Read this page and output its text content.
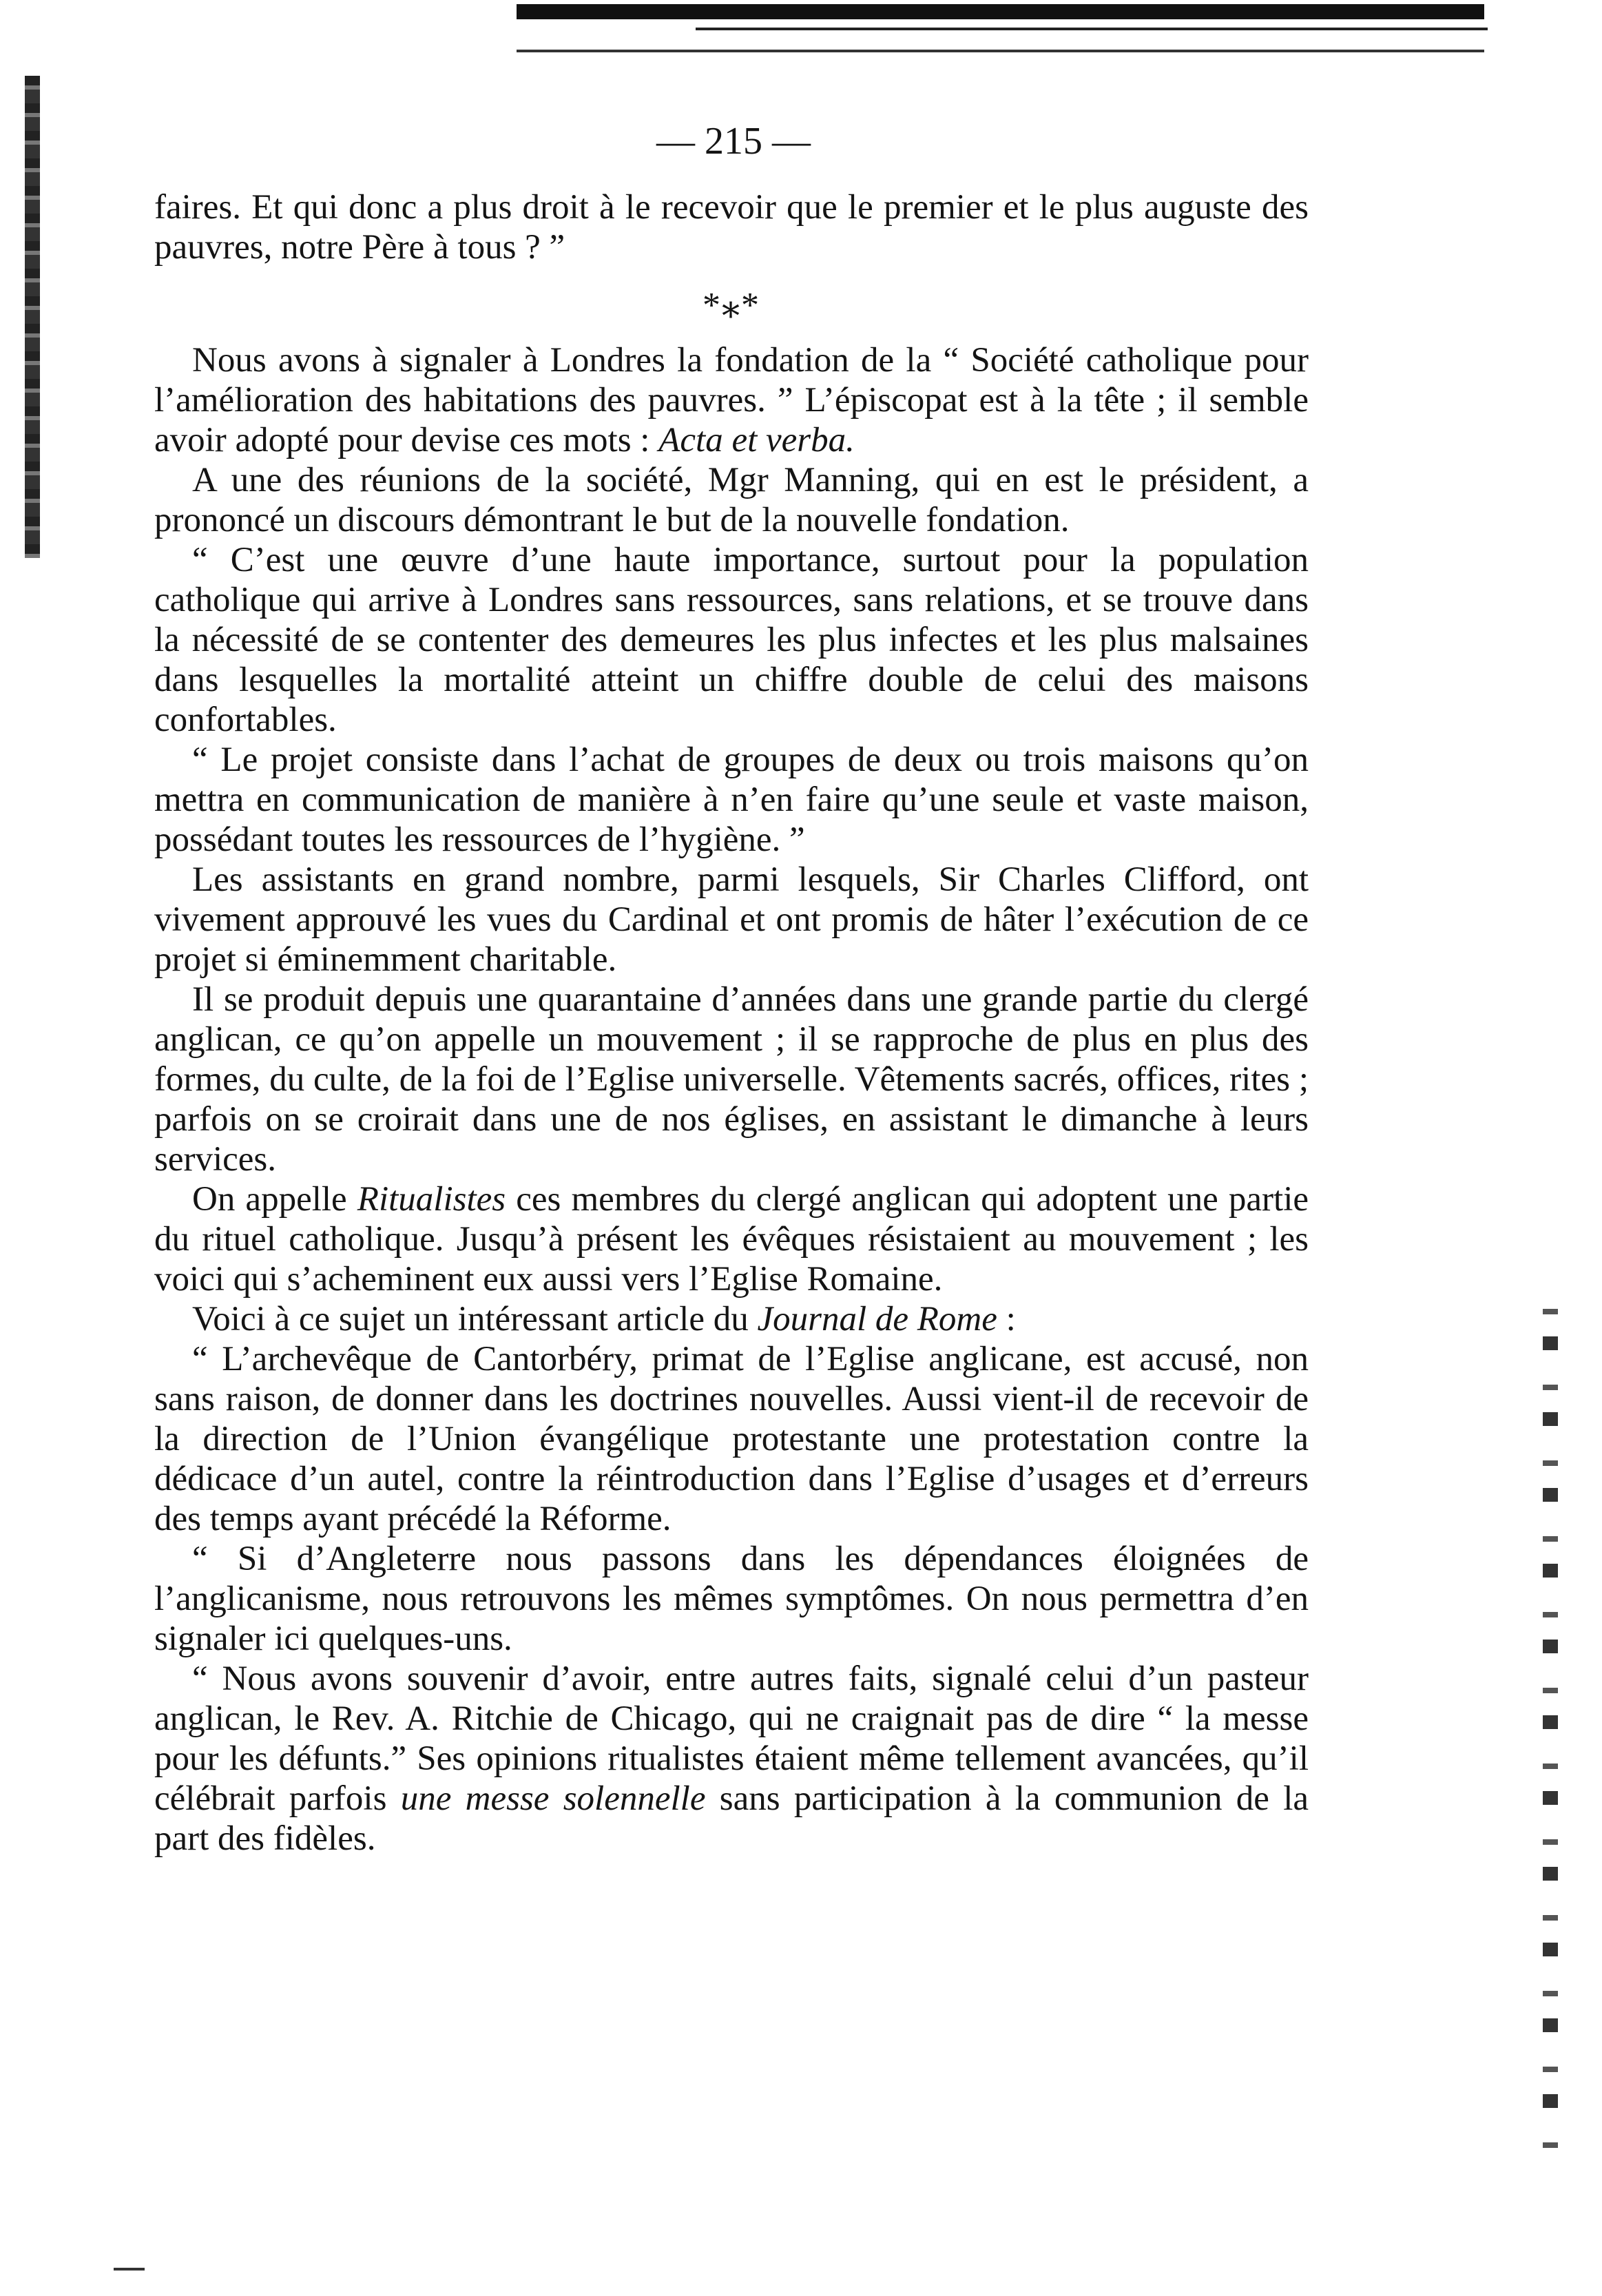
— 215 —

faires. Et qui donc a plus droit à le recevoir que le premier et le plus auguste des pauvres, notre Père à tous ? ”

*⁎*

Nous avons à signaler à Londres la fondation de la “ Société catholique pour l’amélioration des habitations des pauvres. ” L’épiscopat est à la tête ; il semble avoir adopté pour devise ces mots : Acta et verba.

A une des réunions de la société, Mgr Manning, qui en est le président, a prononcé un discours démontrant le but de la nouvelle fondation.

“ C’est une œuvre d’une haute importance, surtout pour la population catholique qui arrive à Londres sans ressources, sans relations, et se trouve dans la nécessité de se contenter des demeures les plus infectes et les plus malsaines dans lesquelles la mortalité atteint un chiffre double de celui des maisons confortables.

“ Le projet consiste dans l’achat de groupes de deux ou trois maisons qu’on mettra en communication de manière à n’en faire qu’une seule et vaste maison, possédant toutes les ressources de l’hygiène. ”

Les assistants en grand nombre, parmi lesquels, Sir Charles Clifford, ont vivement approuvé les vues du Cardinal et ont promis de hâter l’exécution de ce projet si éminemment charitable.

Il se produit depuis une quarantaine d’années dans une grande partie du clergé anglican, ce qu’on appelle un mouvement ; il se rapproche de plus en plus des formes, du culte, de la foi de l’Eglise universelle. Vêtements sacrés, offices, rites ; parfois on se croirait dans une de nos églises, en assistant le dimanche à leurs services.

On appelle Ritualistes ces membres du clergé anglican qui adoptent une partie du rituel catholique. Jusqu’à présent les évêques résistaient au mouvement ; les voici qui s’acheminent eux aussi vers l’Eglise Romaine.

Voici à ce sujet un intéressant article du Journal de Rome :

“ L’archevêque de Cantorbéry, primat de l’Eglise anglicane, est accusé, non sans raison, de donner dans les doctrines nouvelles. Aussi vient-il de recevoir de la direction de l’Union évangélique protestante une protestation contre la dédicace d’un autel, contre la réintroduction dans l’Eglise d’usages et d’erreurs des temps ayant précédé la Réforme.

“ Si d’Angleterre nous passons dans les dépendances éloignées de l’anglicanisme, nous retrouvons les mêmes symptômes. On nous permettra d’en signaler ici quelques-uns.

“ Nous avons souvenir d’avoir, entre autres faits, signalé celui d’un pasteur anglican, le Rev. A. Ritchie de Chicago, qui ne craignait pas de dire “ la messe pour les défunts.” Ses opinions ritualistes étaient même tellement avancées, qu’il célébrait parfois une messe solennelle sans participation à la communion de la part des fidèles.
